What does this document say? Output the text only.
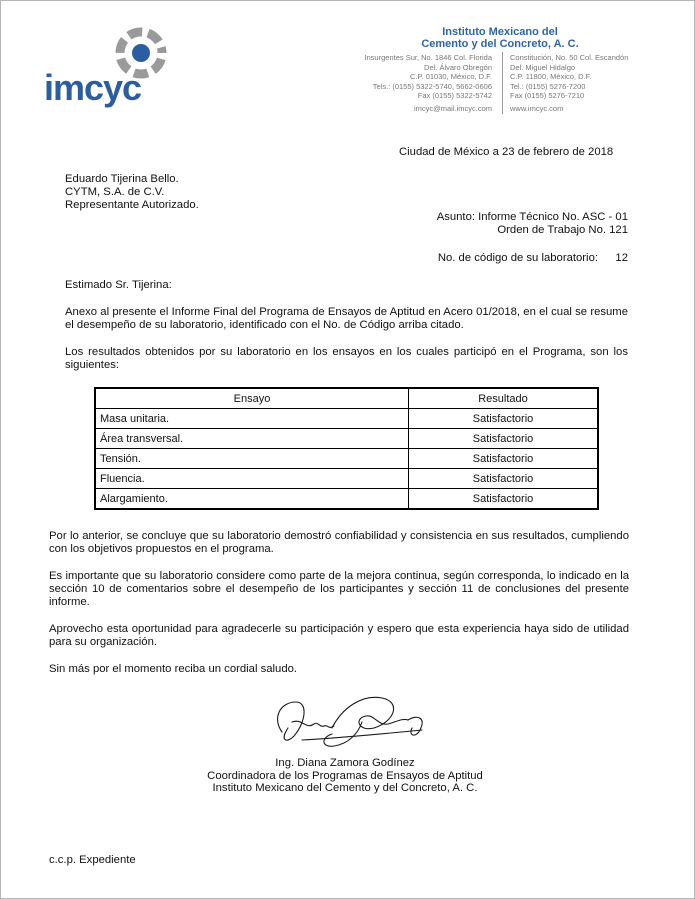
imcyc
Instituto Mexicano del
Cemento y del Concreto, A. C.
Insurgentes Sur, No. 1846 Col. Florida
Del. Álvaro Obregón
C.P. 01030, México, D.F.
Tels.: (0155) 5322-5740, 5662-0606
Fax (0155) 5322-5742
Constitución, No. 50 Col. Escandón
Del. Miguel Hidalgo
C.P. 11800, México, D.F.
Tel.: (0155) 5276-7200
Fax (0155) 5276-7210
imcyc@mail.imcyc.com www.imcyc.com
Ciudad de México a 23 de febrero de 2018
Eduardo Tijerina Bello.
CYTM, S.A. de C.V.
Representante Autorizado.
Asunto: Informe Técnico No. ASC - 01
Orden de Trabajo No. 121
No. de código de su laboratorio: 12
Estimado Sr. Tijerina:
Anexo al presente el Informe Final del Programa de Ensayos de Aptitud en Acero 01/2018, en el cual se resume el desempeño de su laboratorio, identificado con el No. de Código arriba citado.
Los resultados obtenidos por su laboratorio en los ensayos en los cuales participó en el Programa, son los siguientes:
Ensayo	Resultado
Masa unitaria.	Satisfactorio
Área transversal.	Satisfactorio
Tensión.	Satisfactorio
Fluencia.	Satisfactorio
Alargamiento.	Satisfactorio
Por lo anterior, se concluye que su laboratorio demostró confiabilidad y consistencia en sus resultados, cumpliendo con los objetivos propuestos en el programa.
Es importante que su laboratorio considere como parte de la mejora continua, según corresponda, lo indicado en la sección 10 de comentarios sobre el desempeño de los participantes y sección 11 de conclusiones del presente informe.
Aprovecho esta oportunidad para agradecerle su participación y espero que esta experiencia haya sido de utilidad para su organización.
Sin más por el momento reciba un cordial saludo.
Ing. Diana Zamora Godínez
Coordinadora de los Programas de Ensayos de Aptitud
Instituto Mexicano del Cemento y del Concreto, A. C.
c.c.p. Expediente
